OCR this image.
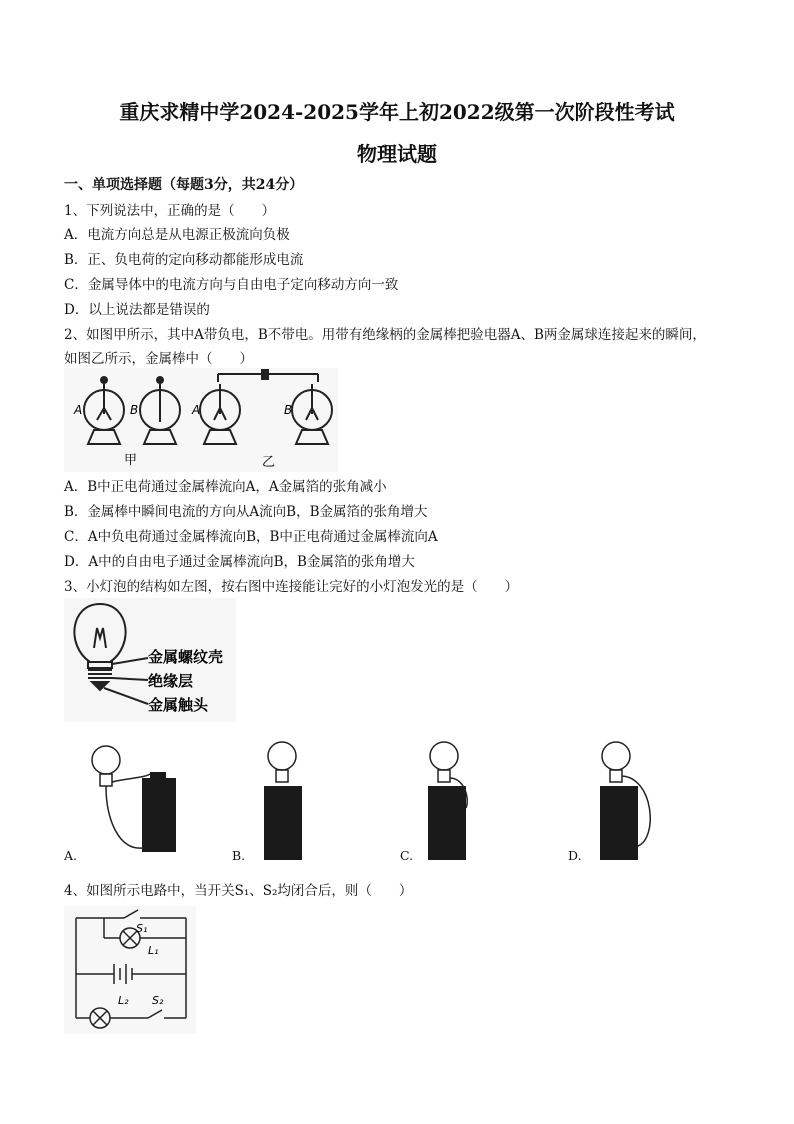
重庆求精中学2024-2025学年上初2022级第一次阶段性考试
物理试题
一、单项选择题（每题3分，共24分）
1、下列说法中，正确的是（　　）
A．电流方向总是从电源正极流向负极
B．正、负电荷的定向移动都能形成电流
C．金属导体中的电流方向与自由电子定向移动方向一致
D．以上说法都是错误的
2、如图甲所示，其中A带负电，B不带电。用带有绝缘柄的金属棒把验电器A、B两金属球连接起来的瞬间，
如图乙所示，金属棒中（　　）
A	B
甲
A	B
乙
A．B中正电荷通过金属棒流向A，A金属箔的张角减小
B．金属棒中瞬间电流的方向从A流向B，B金属箔的张角增大
C．A中负电荷通过金属棒流向B，B中正电荷通过金属棒流向A
D．A中的自由电子通过金属棒流向B，B金属箔的张角增大
3、小灯泡的结构如左图，按右图中连接能让完好的小灯泡发光的是（　　）
金属螺纹壳
绝缘层
金属触头
A.	B.	C.	D.
4、如图所示电路中，当开关S₁、S₂均闭合后，则（　　）
S₁
L₁
L₂ S₂
